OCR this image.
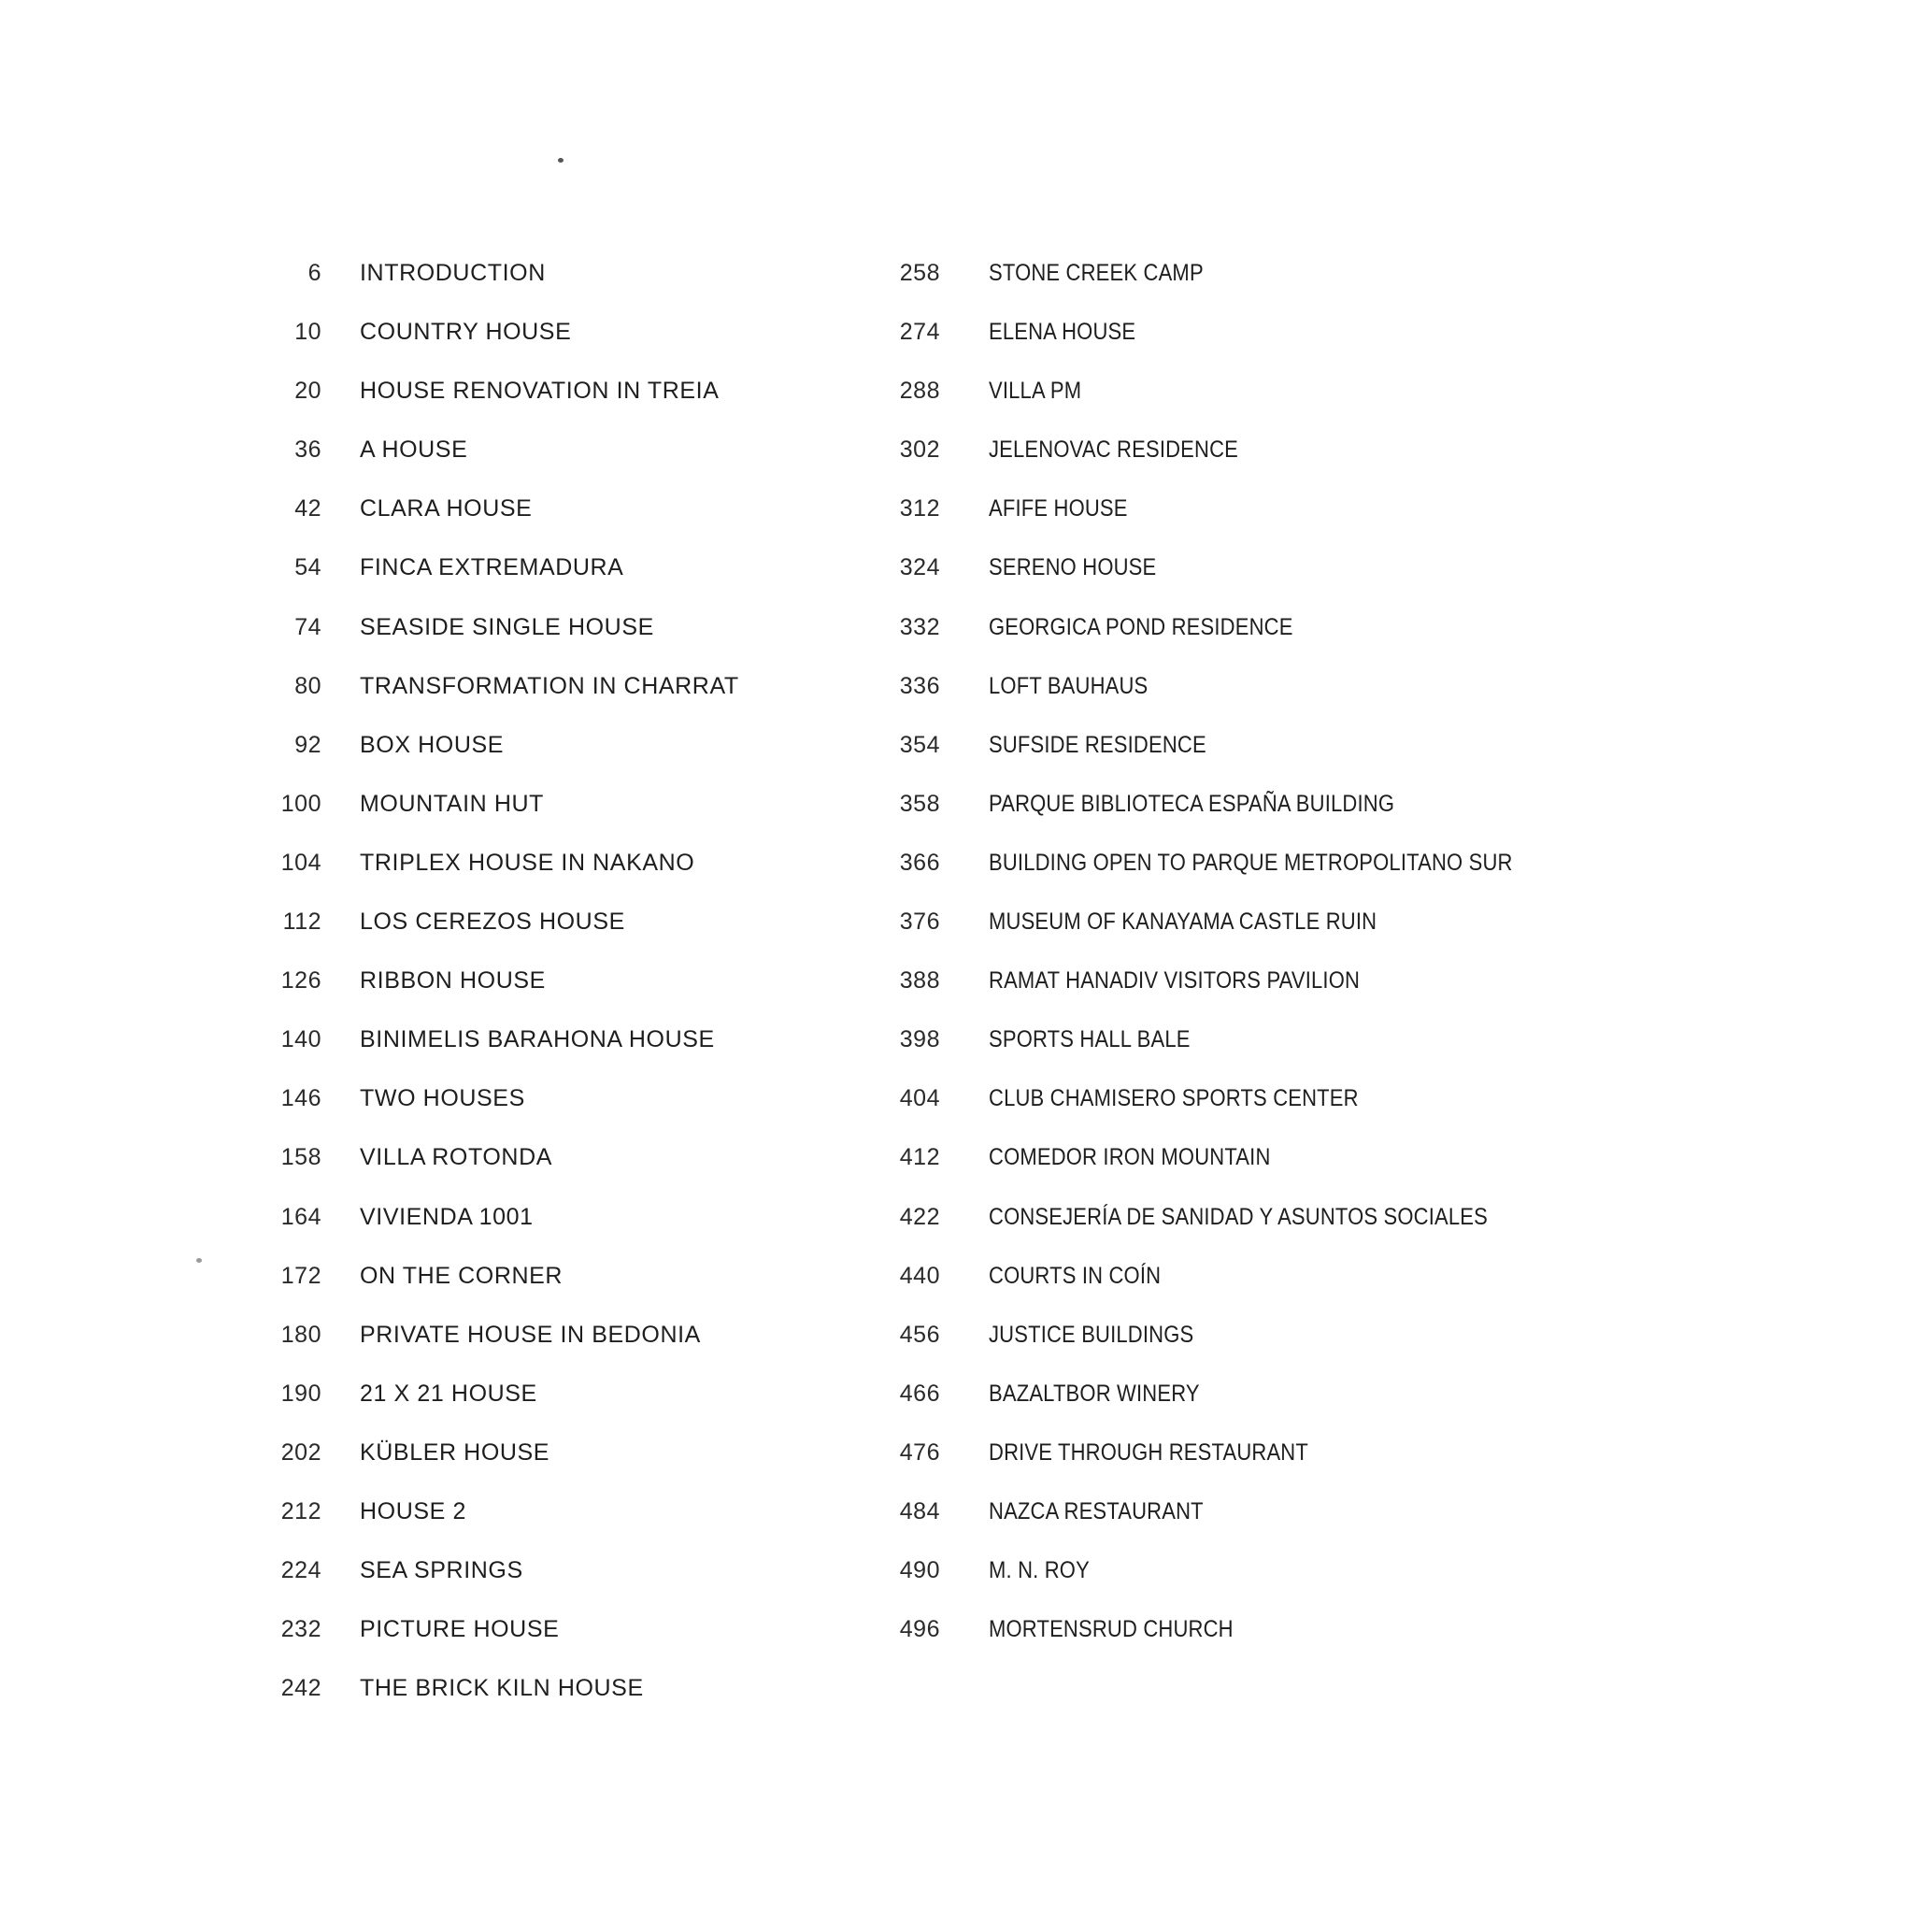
6 INTRODUCTION
10 COUNTRY HOUSE
20 HOUSE RENOVATION IN TREIA
36 A HOUSE
42 CLARA HOUSE
54 FINCA EXTREMADURA
74 SEASIDE SINGLE HOUSE
80 TRANSFORMATION IN CHARRAT
92 BOX HOUSE
100 MOUNTAIN HUT
104 TRIPLEX HOUSE IN NAKANO
112 LOS CEREZOS HOUSE
126 RIBBON HOUSE
140 BINIMELIS BARAHONA HOUSE
146 TWO HOUSES
158 VILLA ROTONDA
164 VIVIENDA 1001
172 ON THE CORNER
180 PRIVATE HOUSE IN BEDONIA
190 21 X 21 HOUSE
202 KÜBLER HOUSE
212 HOUSE 2
224 SEA SPRINGS
232 PICTURE HOUSE
242 THE BRICK KILN HOUSE
258 STONE CREEK CAMP
274 ELENA HOUSE
288 VILLA PM
302 JELENOVAC RESIDENCE
312 AFIFE HOUSE
324 SERENO HOUSE
332 GEORGICA POND RESIDENCE
336 LOFT BAUHAUS
354 SUFSIDE RESIDENCE
358 PARQUE BIBLIOTECA ESPAÑA BUILDING
366 BUILDING OPEN TO PARQUE METROPOLITANO SUR
376 MUSEUM OF KANAYAMA CASTLE RUIN
388 RAMAT HANADIV VISITORS PAVILION
398 SPORTS HALL BALE
404 CLUB CHAMISERO SPORTS CENTER
412 COMEDOR IRON MOUNTAIN
422 CONSEJERÍA DE SANIDAD Y ASUNTOS SOCIALES
440 COURTS IN COÍN
456 JUSTICE BUILDINGS
466 BAZALTBOR WINERY
476 DRIVE THROUGH RESTAURANT
484 NAZCA RESTAURANT
490 M. N. ROY
496 MORTENSRUD CHURCH
